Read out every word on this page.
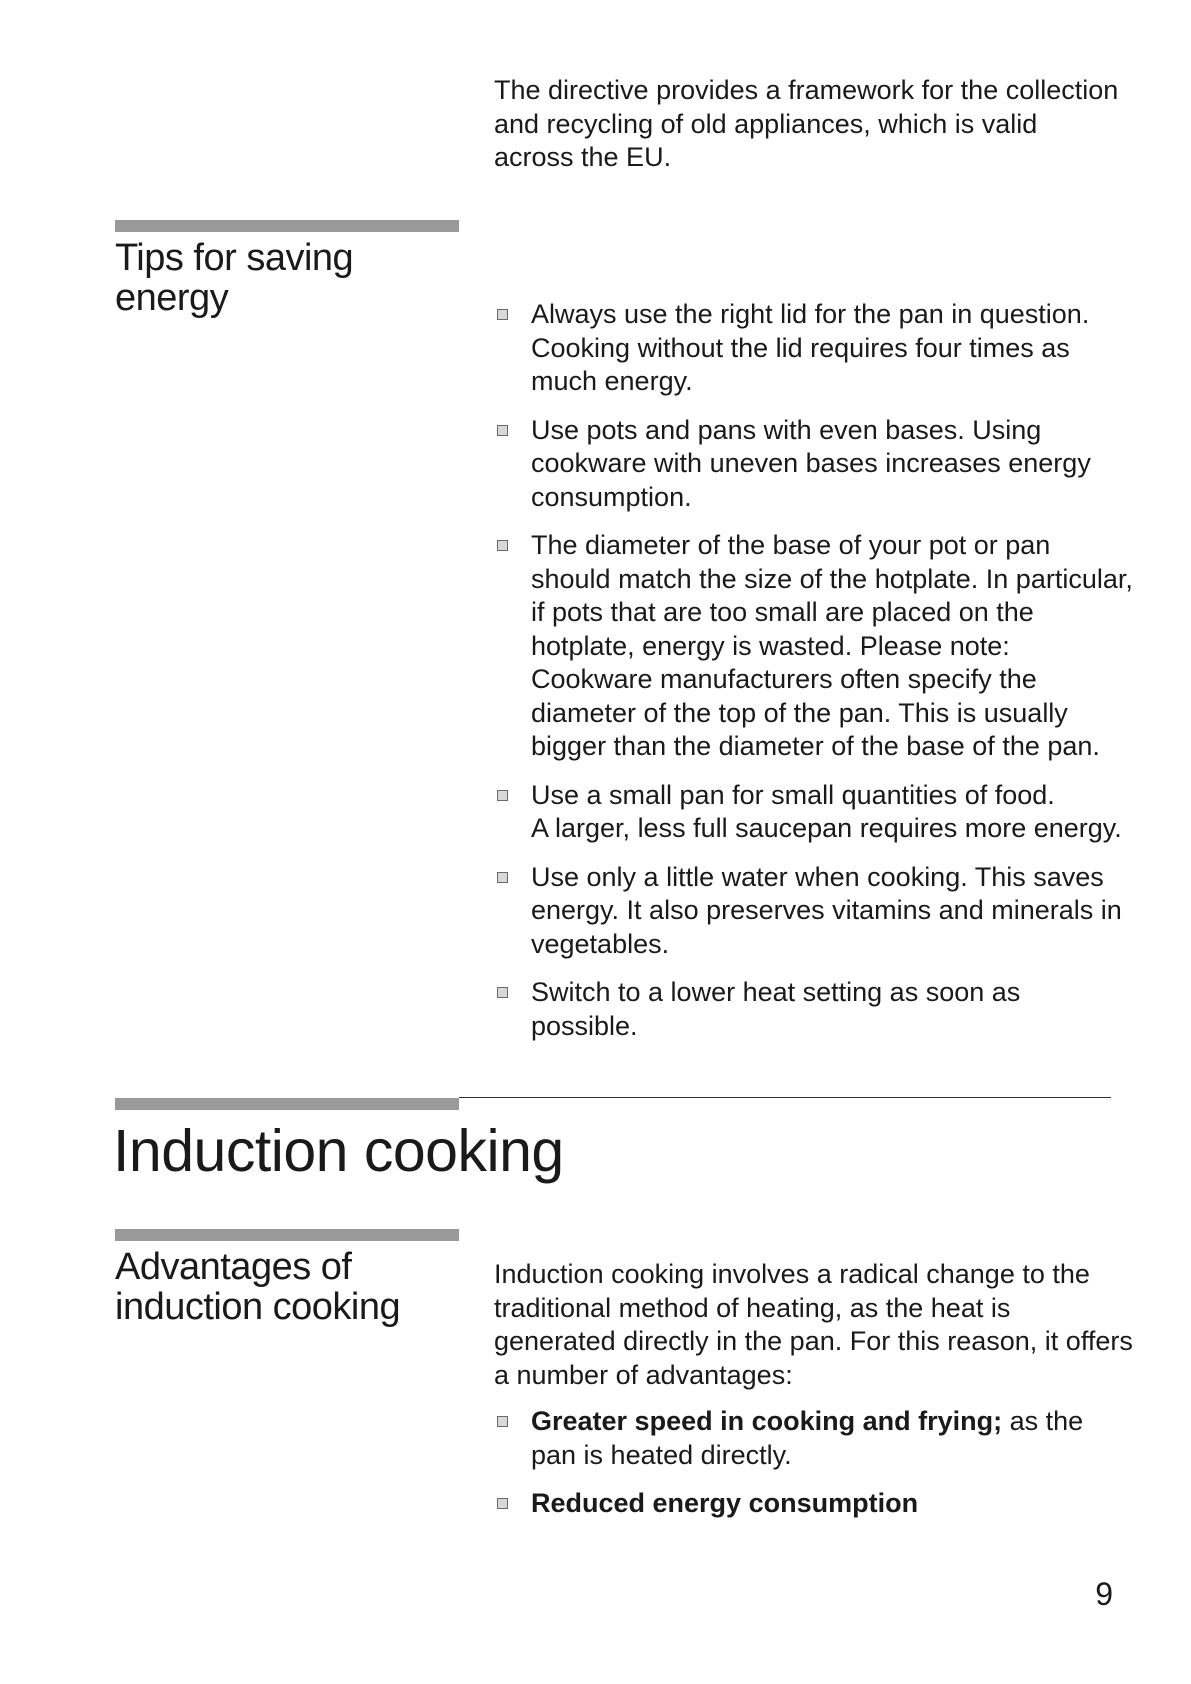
The directive provides a framework for the collection and recycling of old appliances, which is valid across the EU.

Tips for saving energy	Always use the right lid for the pan in question. Cooking without the lid requires four times as much energy.
Use pots and pans with even bases. Using cookware with uneven bases increases energy consumption.
The diameter of the base of your pot or pan should match the size of the hotplate. In particular, if pots that are too small are placed on the hotplate, energy is wasted. Please note: Cookware manufacturers often specify the diameter of the top of the pan. This is usually bigger than the diameter of the base of the pan.
Use a small pan for small quantities of food.
A larger, less full saucepan requires more energy.
Use only a little water when cooking. This saves energy. It also preserves vitamins and minerals in vegetables.
Switch to a lower heat setting as soon as possible.
Induction cooking
Advantages of induction cooking

Induction cooking involves a radical change to the traditional method of heating, as the heat is generated directly in the pan. For this reason, it offers a number of advantages:

Greater speed in cooking and frying; as the pan is heated directly.
Reduced energy consumption
9
